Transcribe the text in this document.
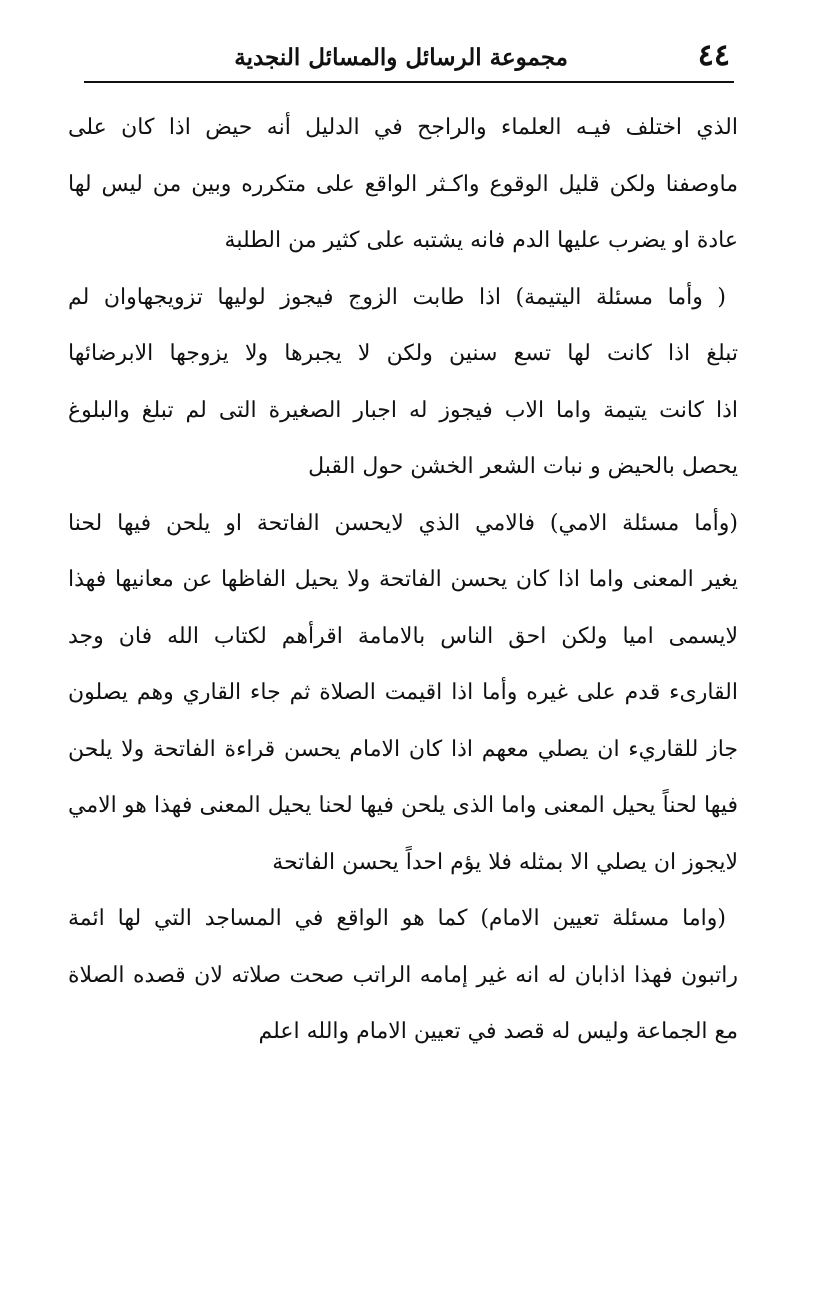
٤٤
مجموعة الرسائل والمسائل النجدية
الذي اختلف فيـه العلماء والراجح في الدليل أنه حيض اذا كان على
ماوصفنا ولكن قليل الوقوع واكـثر الواقع على متكرره وبين من ليس لها
عادة او يضرب عليها الدم فانه يشتبه على كثير من الطلبة
( وأما مسئلة اليتيمة) اذا طابت الزوج فيجوز لوليها تزويجهاوان لم
تبلغ اذا كانت لها تسع سنين ولكن لا يجبرها ولا يزوجها الابرضائها
اذا كانت يتيمة واما الاب فيجوز له اجبار الصغيرة التى لم تبلغ والبلوغ
يحصل بالحيض و نبات الشعر الخشن حول القبل
(وأما مسئلة الامي) فالامي الذي لايحسن الفاتحة او يلحن فيها لحنا
يغير المعنى واما اذا كان يحسن الفاتحة ولا يحيل الفاظها عن معانيها فهذا
لايسمى اميا ولكن احق الناس بالامامة اقرأهم لكتاب الله فان وجد
القارىء قدم على غيره وأما اذا اقيمت الصلاة ثم جاء القاري وهم يصلون
جاز للقاريء ان يصلي معهم اذا كان الامام يحسن قراءة الفاتحة ولا يلحن
فيها لحناً يحيل المعنى واما الذى يلحن فيها لحنا يحيل المعنى فهذا هو الامي
لايجوز ان يصلي الا بمثله فلا يؤم احداً يحسن الفاتحة
(واما مسئلة تعيين الامام) كما هو الواقع في المساجد التي لها ائمة
راتبون فهذا اذابان له انه غير إمامه الراتب صحت صلاته لان قصده الصلاة
مع الجماعة وليس له قصد في تعيين الامام والله اعلم
